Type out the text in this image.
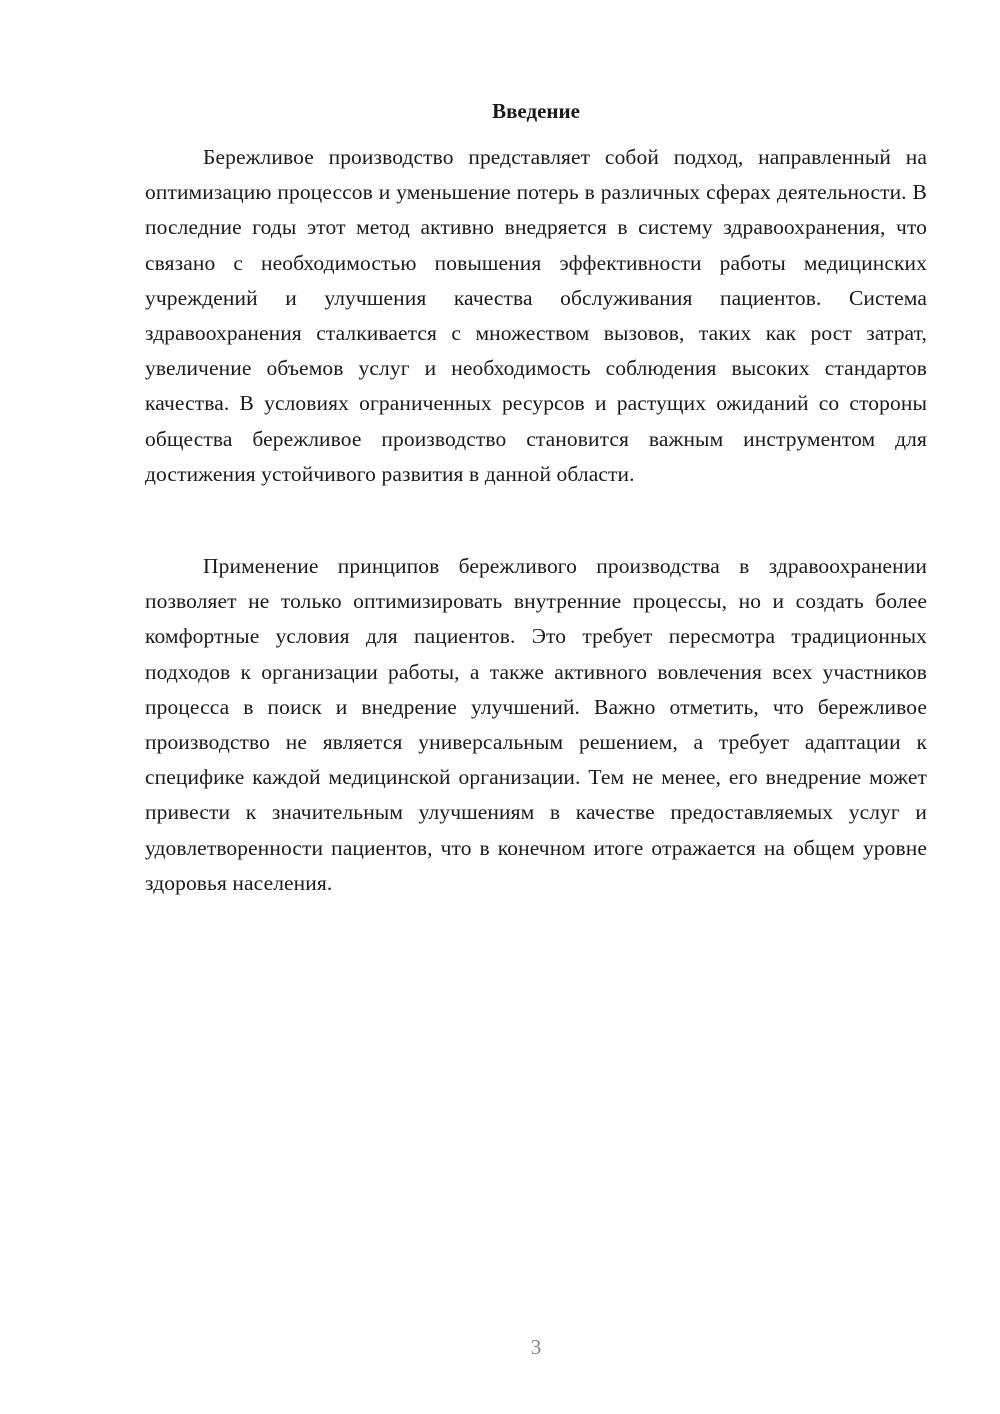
Введение

Бережливое производство представляет собой подход, направленный на оптимизацию процессов и уменьшение потерь в различных сферах деятельности. В последние годы этот метод активно внедряется в систему здравоохранения, что связано с необходимостью повышения эффективности работы медицинских учреждений и улучшения качества обслуживания пациентов. Система здравоохранения сталкивается с множеством вызовов, таких как рост затрат, увеличение объемов услуг и необходимость соблюдения высоких стандартов качества. В условиях ограниченных ресурсов и растущих ожиданий со стороны общества бережливое производство становится важным инструментом для достижения устойчивого развития в данной области.

Применение принципов бережливого производства в здравоохранении позволяет не только оптимизировать внутренние процессы, но и создать более комфортные условия для пациентов. Это требует пересмотра традиционных подходов к организации работы, а также активного вовлечения всех участников процесса в поиск и внедрение улучшений. Важно отметить, что бережливое производство не является универсальным решением, а требует адаптации к специфике каждой медицинской организации. Тем не менее, его внедрение может привести к значительным улучшениям в качестве предоставляемых услуг и удовлетворенности пациентов, что в конечном итоге отражается на общем уровне здоровья населения.

3
